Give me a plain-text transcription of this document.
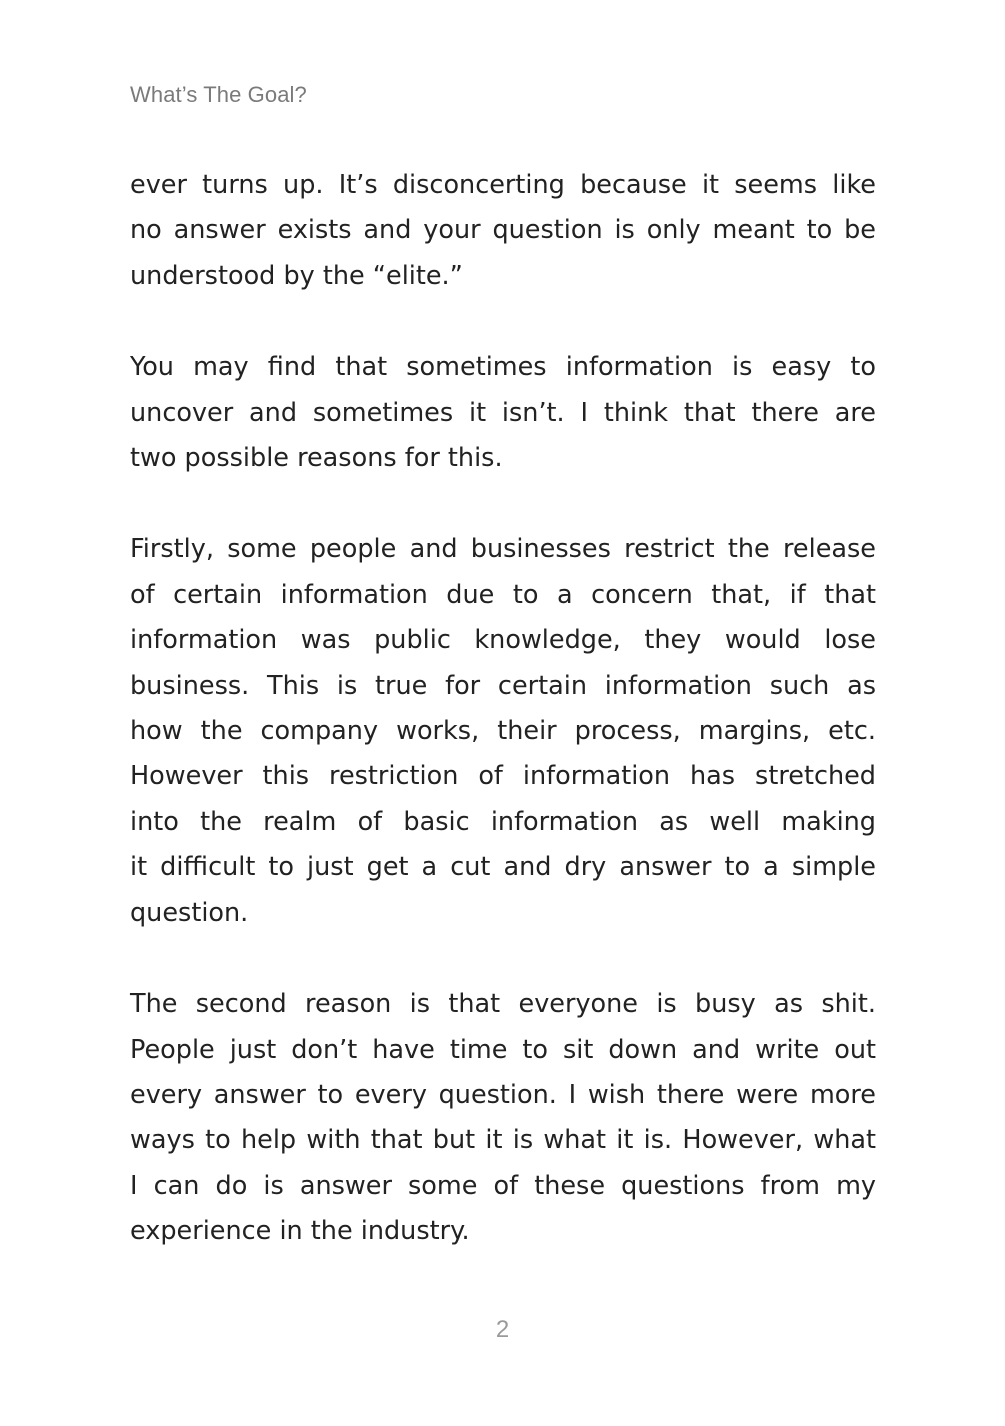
What’s The Goal?

ever turns up. It’s disconcerting because it seems like
no answer exists and your question is only meant to be
understood by the “elite.”

You may find that sometimes information is easy to
uncover and sometimes it isn’t. I think that there are
two possible reasons for this.

Firstly, some people and businesses restrict the release
of certain information due to a concern that, if that
information was public knowledge, they would lose
business. This is true for certain information such as
how the company works, their process, margins, etc.
However this restriction of information has stretched
into the realm of basic information as well making
it difficult to just get a cut and dry answer to a simple
question.

The second reason is that everyone is busy as shit.
People just don’t have time to sit down and write out
every answer to every question. I wish there were more
ways to help with that but it is what it is. However, what
I can do is answer some of these questions from my
experience in the industry.

2
